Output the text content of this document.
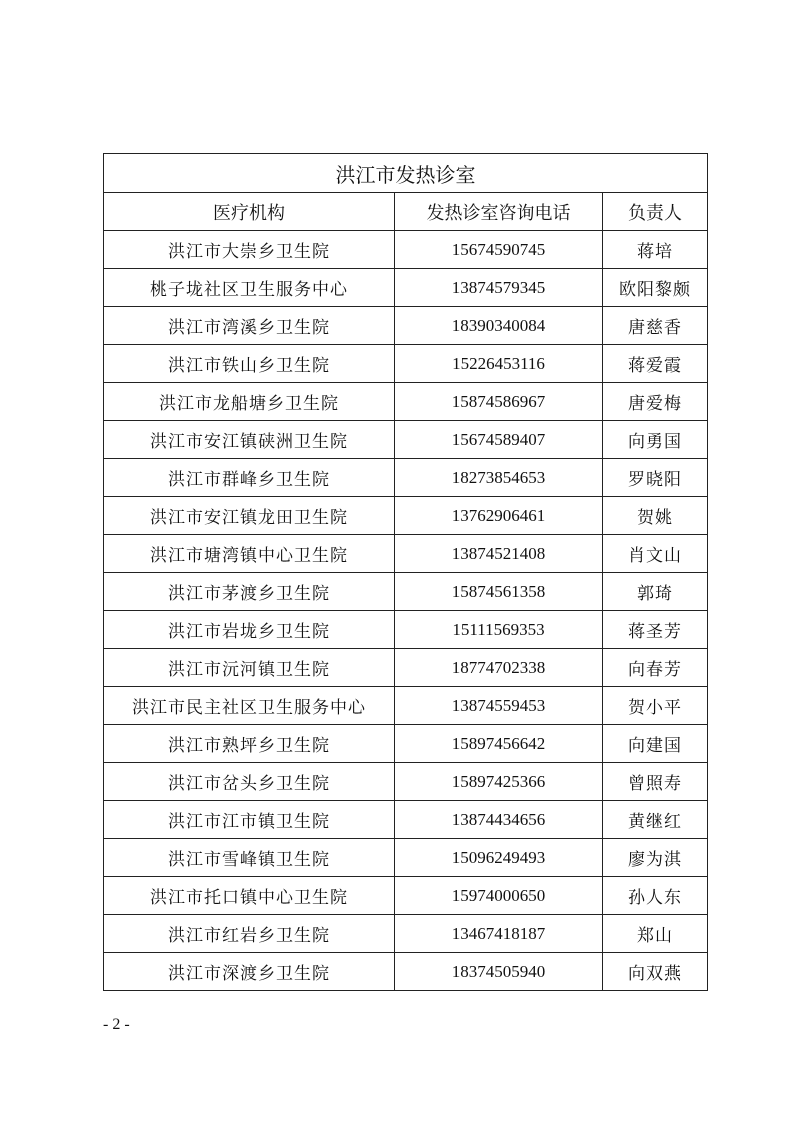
洪江市发热诊室		
医疗机构	发热诊室咨询电话	负责人
洪江市大崇乡卫生院	15674590745	蒋培
桃子垅社区卫生服务中心	13874579345	欧阳黎颇
洪江市湾溪乡卫生院	18390340084	唐慈香
洪江市铁山乡卫生院	15226453116	蒋爱霞
洪江市龙船塘乡卫生院	15874586967	唐爱梅
洪江市安江镇硖洲卫生院	15674589407	向勇国
洪江市群峰乡卫生院	18273854653	罗晓阳
洪江市安江镇龙田卫生院	13762906461	贺姚
洪江市塘湾镇中心卫生院	13874521408	肖文山
洪江市茅渡乡卫生院	15874561358	郭琦
洪江市岩垅乡卫生院	15111569353	蒋圣芳
洪江市沅河镇卫生院	18774702338	向春芳
洪江市民主社区卫生服务中心	13874559453	贺小平
洪江市熟坪乡卫生院	15897456642	向建国
洪江市岔头乡卫生院	15897425366	曾照寿
洪江市江市镇卫生院	13874434656	黄继红
洪江市雪峰镇卫生院	15096249493	廖为淇
洪江市托口镇中心卫生院	15974000650	孙人东
洪江市红岩乡卫生院	13467418187	郑山
洪江市深渡乡卫生院	18374505940	向双燕
- 2 -
